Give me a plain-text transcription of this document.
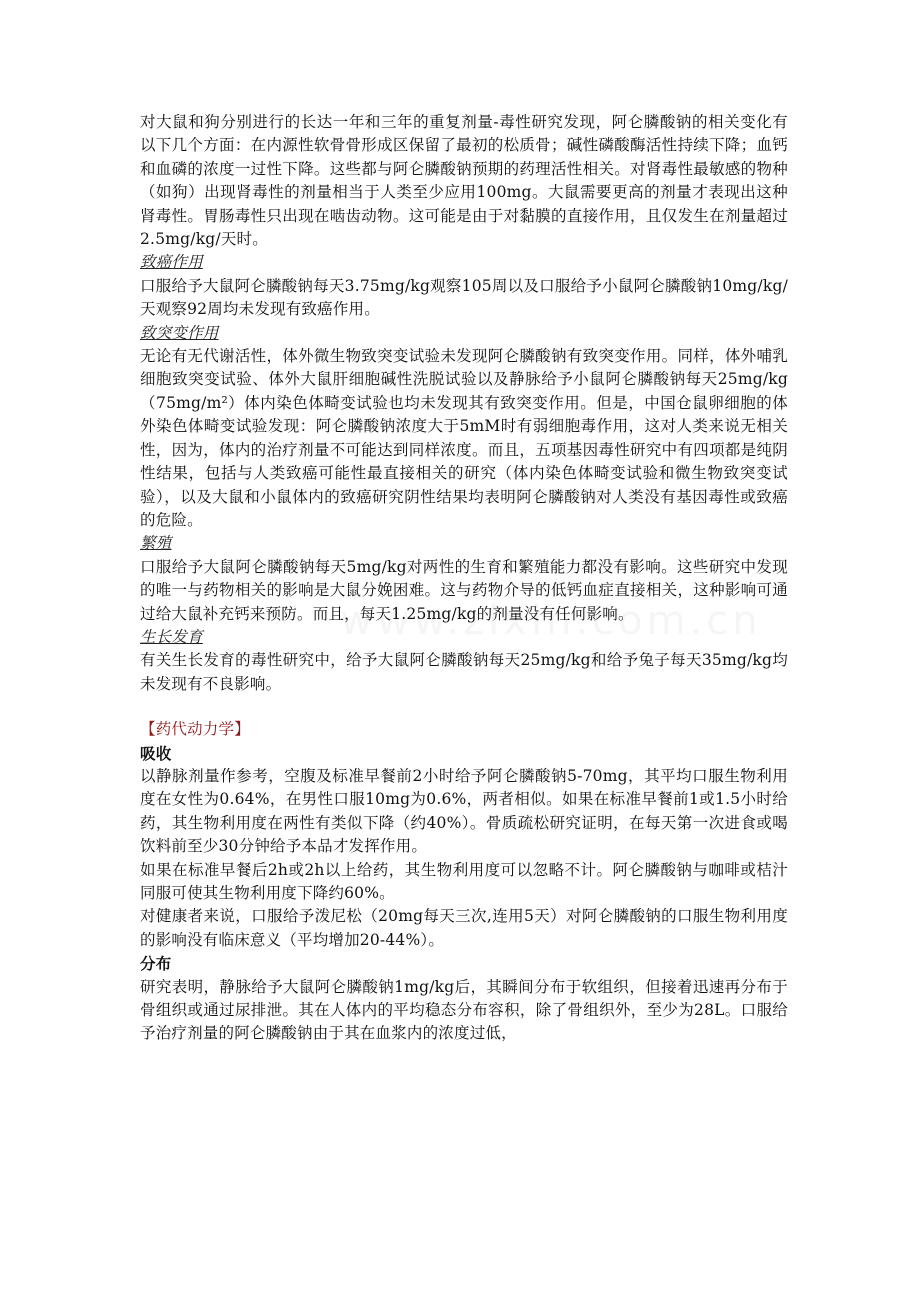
对大鼠和狗分别进行的长达一年和三年的重复剂量-毒性研究发现，阿仑膦酸钠的相关变化有以下几个方面：在内源性软骨骨形成区保留了最初的松质骨；碱性磷酸酶活性持续下降；血钙和血磷的浓度一过性下降。这些都与阿仑膦酸钠预期的药理活性相关。对肾毒性最敏感的物种（如狗）出现肾毒性的剂量相当于人类至少应用100mg。大鼠需要更高的剂量才表现出这种肾毒性。胃肠毒性只出现在啮齿动物。这可能是由于对黏膜的直接作用，且仅发生在剂量超过2.5mg/kg/天时。

致癌作用

口服给予大鼠阿仑膦酸钠每天3.75mg/kg观察105周以及口服给予小鼠阿仑膦酸钠10mg/kg/天观察92周均未发现有致癌作用。

致突变作用

无论有无代谢活性，体外微生物致突变试验未发现阿仑膦酸钠有致突变作用。同样，体外哺乳细胞致突变试验、体外大鼠肝细胞碱性洗脱试验以及静脉给予小鼠阿仑膦酸钠每天25mg/kg（75mg/m²）体内染色体畸变试验也均未发现其有致突变作用。但是，中国仓鼠卵细胞的体外染色体畸变试验发现：阿仑膦酸钠浓度大于5mM时有弱细胞毒作用，这对人类来说无相关性，因为，体内的治疗剂量不可能达到同样浓度。而且，五项基因毒性研究中有四项都是纯阴性结果，包括与人类致癌可能性最直接相关的研究（体内染色体畸变试验和微生物致突变试验），以及大鼠和小鼠体内的致癌研究阴性结果均表明阿仑膦酸钠对人类没有基因毒性或致癌的危险。

繁殖

口服给予大鼠阿仑膦酸钠每天5mg/kg对两性的生育和繁殖能力都没有影响。这些研究中发现的唯一与药物相关的影响是大鼠分娩困难。这与药物介导的低钙血症直接相关，这种影响可通过给大鼠补充钙来预防。而且，每天1.25mg/kg的剂量没有任何影响。

生长发育

有关生长发育的毒性研究中，给予大鼠阿仑膦酸钠每天25mg/kg和给予兔子每天35mg/kg均未发现有不良影响。

【药代动力学】

吸收

以静脉剂量作参考，空腹及标准早餐前2小时给予阿仑膦酸钠5-70mg，其平均口服生物利用度在女性为0.64%，在男性口服10mg为0.6%，两者相似。如果在标准早餐前1或1.5小时给药，其生物利用度在两性有类似下降（约40%）。骨质疏松研究证明，在每天第一次进食或喝饮料前至少30分钟给予本品才发挥作用。

如果在标准早餐后2h或2h以上给药，其生物利用度可以忽略不计。阿仑膦酸钠与咖啡或桔汁同服可使其生物利用度下降约60%。

对健康者来说，口服给予泼尼松（20mg每天三次,连用5天）对阿仑膦酸钠的口服生物利用度的影响没有临床意义（平均增加20-44%）。

分布

研究表明，静脉给予大鼠阿仑膦酸钠1mg/kg后，其瞬间分布于软组织，但接着迅速再分布于骨组织或通过尿排泄。其在人体内的平均稳态分布容积，除了骨组织外，至少为28L。口服给予治疗剂量的阿仑膦酸钠由于其在血浆内的浓度过低，
